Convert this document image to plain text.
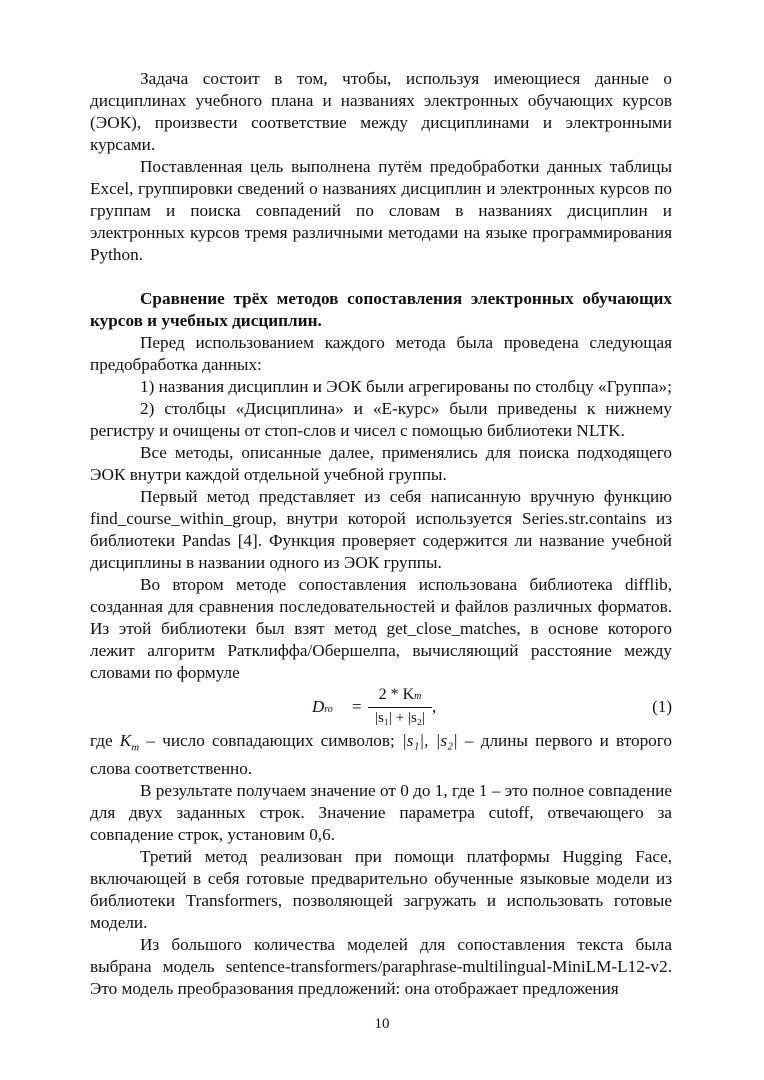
Задача состоит в том, чтобы, используя имеющиеся данные о дисциплинах учебного плана и названиях электронных обучающих курсов (ЭОК), произвести соответствие между дисциплинами и электронными курсами.

Поставленная цель выполнена путём предобработки данных таблицы Excel, группировки сведений о названиях дисциплин и электронных курсов по группам и поиска совпадений по словам в названиях дисциплин и электронных курсов тремя различными методами на языке программирования Python.

Сравнение трёх методов сопоставления электронных обучающих курсов и учебных дисциплин.

Перед использованием каждого метода была проведена следующая предобработка данных:

1) названия дисциплин и ЭОК были агрегированы по столбцу «Группа»;

2) столбцы «Дисциплина» и «E-курс» были приведены к нижнему регистру и очищены от стоп-слов и чисел с помощью библиотеки NLTK.

Все методы, описанные далее, применялись для поиска подходящего ЭОК внутри каждой отдельной учебной группы.

Первый метод представляет из себя написанную вручную функцию find_course_within_group, внутри которой используется Series.str.contains из библиотеки Pandas [4]. Функция проверяет содержится ли название учебной дисциплины в названии одного из ЭОК группы.

Во втором методе сопоставления использована библиотека difflib, созданная для сравнения последовательностей и файлов различных форматов. Из этой библиотеки был взят метод get_close_matches, в основе которого лежит алгоритм Ратклиффа/Обершелпа, вычисляющий расстояние между словами по формуле

Dro =
2 * Km
|s₁| + |s₂|
,	(1)

где $K_m$ – число совпадающих символов; |s₁|, |s₂| – длины первого и второго слова соответственно.

В результате получаем значение от 0 до 1, где 1 – это полное совпадение для двух заданных строк. Значение параметра cutoff, отвечающего за совпадение строк, установим 0,6.

Третий метод реализован при помощи платформы Hugging Face, включающей в себя готовые предварительно обученные языковые модели из библиотеки Transformers, позволяющей загружать и использовать готовые модели.

Из большого количества моделей для сопоставления текста была выбрана модель sentence-transformers/paraphrase-multilingual-MiniLM-L12-v2. Это модель преобразования предложений: она отображает предложения

10
